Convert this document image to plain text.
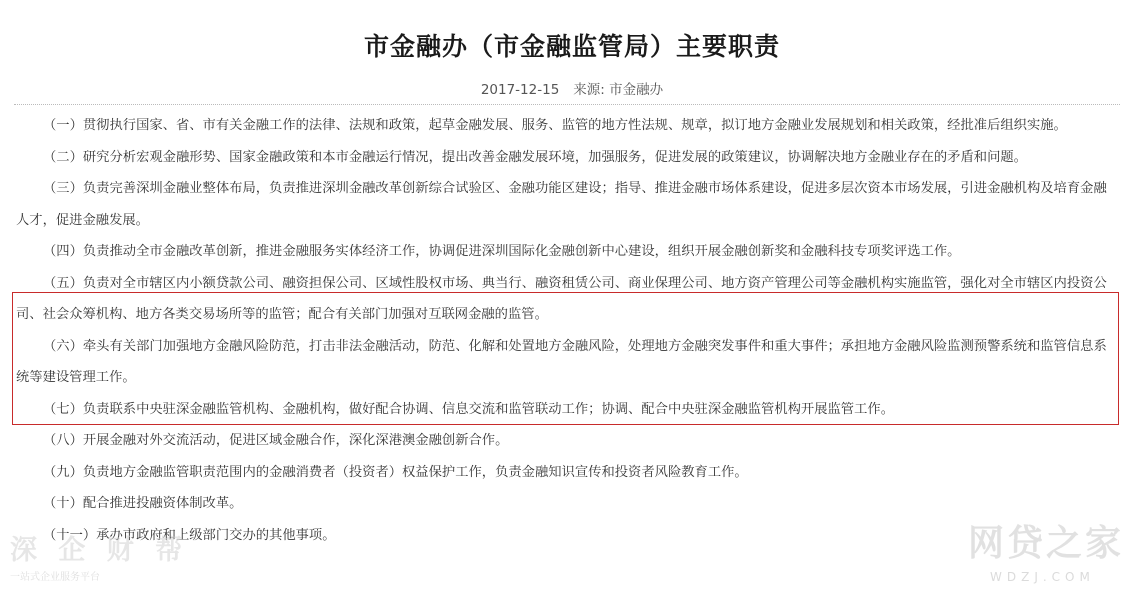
市金融办（市金融监管局）主要职责
2017-12-15 来源: 市金融办

（一）贯彻执行国家、省、市有关金融工作的法律、法规和政策，起草金融发展、服务、监管的地方性法规、规章，拟订地方金融业发展规划和相关政策，经批准后组织实施。

（二）研究分析宏观金融形势、国家金融政策和本市金融运行情况，提出改善金融发展环境，加强服务，促进发展的政策建议，协调解决地方金融业存在的矛盾和问题。

（三）负责完善深圳金融业整体布局，负责推进深圳金融改革创新综合试验区、金融功能区建设；指导、推进金融市场体系建设，促进多层次资本市场发展，引进金融机构及培育金融人才，促进金融发展。

（四）负责推动全市金融改革创新，推进金融服务实体经济工作，协调促进深圳国际化金融创新中心建设，组织开展金融创新奖和金融科技专项奖评选工作。

（五）负责对全市辖区内小额贷款公司、融资担保公司、区域性股权市场、典当行、融资租赁公司、商业保理公司、地方资产管理公司等金融机构实施监管，强化对全市辖区内投资公司、社会众筹机构、地方各类交易场所等的监管；配合有关部门加强对互联网金融的监管。

（六）牵头有关部门加强地方金融风险防范，打击非法金融活动，防范、化解和处置地方金融风险，处理地方金融突发事件和重大事件；承担地方金融风险监测预警系统和监管信息系统等建设管理工作。

（七）负责联系中央驻深金融监管机构、金融机构，做好配合协调、信息交流和监管联动工作；协调、配合中央驻深金融监管机构开展监管工作。

（八）开展金融对外交流活动，促进区域金融合作，深化深港澳金融创新合作。

（九）负责地方金融监管职责范围内的金融消费者（投资者）权益保护工作，负责金融知识宣传和投资者风险教育工作。

（十）配合推进投融资体制改革。

（十一）承办市政府和上级部门交办的其他事项。

深 企 财 帮
一站式企业服务平台
网贷之家
WDZJ.COM
